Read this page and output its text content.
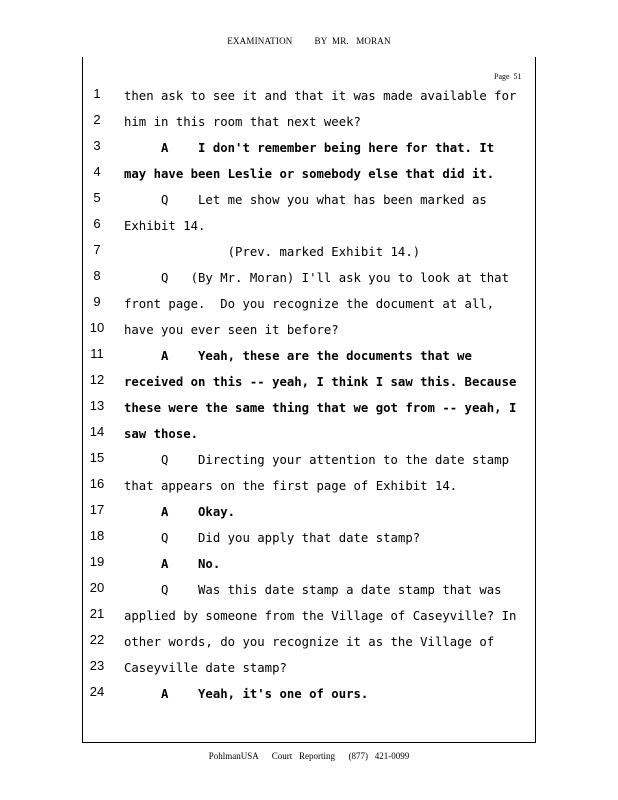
EXAMINATION         BY  MR.   MORAN
Page  51
1	then ask to see it and that it was made available for
2	him in this room that next week?
3	A    I don't remember being here for that. It
4	may have been Leslie or somebody else that did it.
5	Q    Let me show you what has been marked as
6	Exhibit 14.
7	(Prev. marked Exhibit 14.)
8	Q   (By Mr. Moran) I'll ask you to look at that
9	front page.  Do you recognize the document at all,
10 have you ever seen it before?
11 A    Yeah, these are the documents that we
12 received on this -- yeah, I think I saw this. Because
13 these were the same thing that we got from -- yeah, I
14 saw those.
15 Q    Directing your attention to the date stamp
16 that appears on the first page of Exhibit 14.
17 A    Okay.
18 Q    Did you apply that date stamp?
19 A    No.
20 Q    Was this date stamp a date stamp that was
21 applied by someone from the Village of Caseyville? In
22 other words, do you recognize it as the Village of
23 Caseyville date stamp?
24 A    Yeah, it's one of ours.
PohlmanUSA      Court   Reporting      (877)   421-0099
